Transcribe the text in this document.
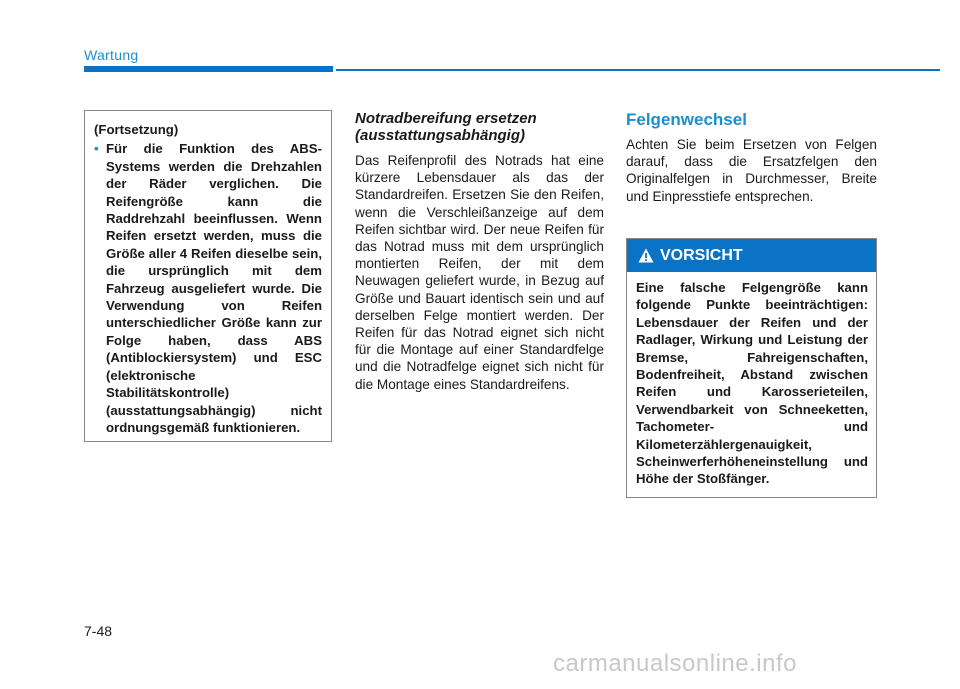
Wartung
(Fortsetzung)
• Für die Funktion des ABS-Systems werden die Drehzahlen der Räder verglichen. Die Reifengröße kann die Raddrehzahl beeinflussen. Wenn Reifen ersetzt werden, muss die Größe aller 4 Reifen dieselbe sein, die ursprünglich mit dem Fahrzeug ausgeliefert wurde. Die Verwendung von Reifen unterschiedlicher Größe kann zur Folge haben, dass ABS (Antiblockiersystem) und ESC (elektronische Stabilitätskontrolle) (ausstattungsabhängig) nicht ordnungsgemäß funktionieren.
Notradbereifung ersetzen
(ausstattungsabhängig)

Das Reifenprofil des Notrads hat eine kürzere Lebensdauer als das der Standardreifen. Ersetzen Sie den Reifen, wenn die Verschleißanzeige auf dem Reifen sichtbar wird. Der neue Reifen für das Notrad muss mit dem ursprünglich montierten Reifen, der mit dem Neuwagen geliefert wurde, in Bezug auf Größe und Bauart identisch sein und auf derselben Felge montiert werden. Der Reifen für das Notrad eignet sich nicht für die Montage auf einer Standardfelge und die Notradfelge eignet sich nicht für die Montage eines Standardreifens.

Felgenwechsel

Achten Sie beim Ersetzen von Felgen darauf, dass die Ersatzfelgen den Originalfelgen in Durchmesser, Breite und Einpresstiefe entsprechen.

VORSICHT
Eine falsche Felgengröße kann folgende Punkte beeinträchtigen: Lebensdauer der Reifen und der Radlager, Wirkung und Leistung der Bremse, Fahreigenschaften, Bodenfreiheit, Abstand zwischen Reifen und Karosserieteilen, Verwendbarkeit von Schneeketten, Tachometer- und Kilometerzählergenauigkeit, Scheinwerferhöheneinstellung und Höhe der Stoßfänger.
7-48
carmanualsonline.info
